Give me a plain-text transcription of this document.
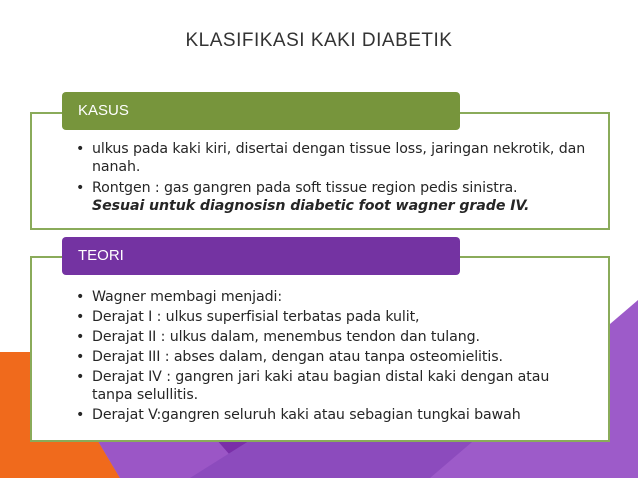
KLASIFIKASI KAKI DIABETIK
• ulkus pada kaki kiri, disertai dengan tissue loss, jaringan nekrotik, dan nanah.
• Rontgen : gas gangren pada soft tissue region pedis sinistra.
Sesuai untuk diagnosisn diabetic foot wagner grade IV.
KASUS
• Wagner membagi menjadi:
• Derajat I : ulkus superfisial terbatas pada kulit,
• Derajat II : ulkus dalam, menembus tendon dan tulang.
• Derajat III : abses dalam, dengan atau tanpa osteomielitis.
• Derajat IV : gangren jari kaki atau bagian distal kaki dengan atau tanpa selullitis.
• Derajat V:gangren seluruh kaki atau sebagian tungkai bawah
TEORI
